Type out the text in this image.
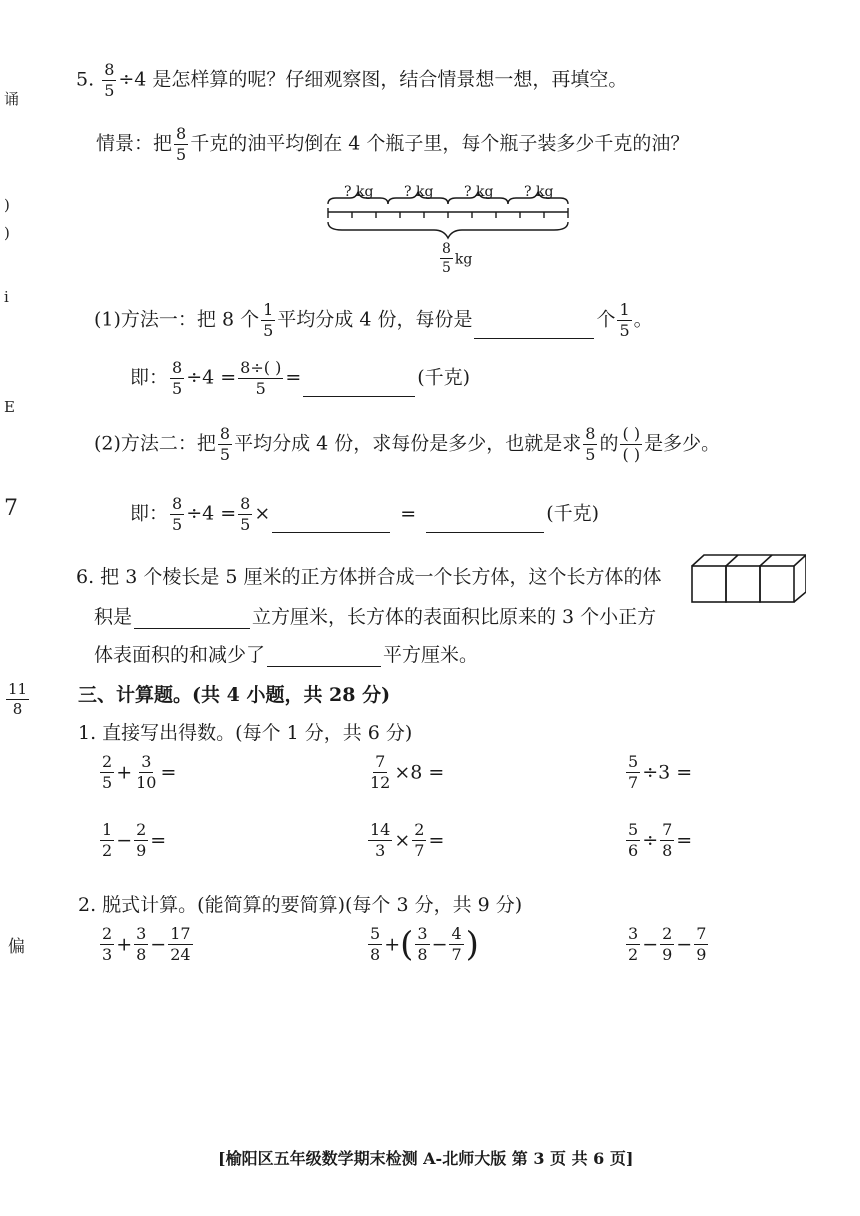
诵
)
)
i
E
7
$\frac{11}{8}$
偏
5. $\frac{8}{5} \div 4$ 是怎样算的呢？仔细观察图，结合情景想一想，再填空。
情景：把 $\frac{8}{5}$ 千克的油平均倒在 4 个瓶子里，每个瓶子装多少千克的油？
? kg ? kg ? kg ? kg
$\frac{8}{5}$ kg
(1)方法一：把 8 个 $\frac{1}{5}$ 平均分成 4 份，每份是	个 $\frac{1}{5}$ 。
即： $\frac{8}{5} \div 4 = \frac{8\div( )}{5}$ =	(千克)
(2)方法二：把 $\frac{8}{5}$ 平均分成 4 份，求每份是多少，也就是求 $\frac{8}{5}$ 的 $\frac{( )}{( )}$ 是多少。
即： $\frac{8}{5} \div 4 = \frac{8}{5}$ ×	=	(千克)
6. 把 3 个棱长是 5 厘米的正方体拼合成一个长方体，这个长方体的体
积是	立方厘米，长方体的表面积比原来的 3 个小正方
体表面积的和减少了	平方厘米。
三、计算题。(共 4 小题，共 28 分)
1. 直接写出得数。(每个 1 分，共 6 分)
$\frac{2}{5} + \frac{3}{10}$ =	$\frac{7}{12} \times 8$ =	$\frac{5}{7} \div 3$ =
$\frac{1}{2} - \frac{2}{9}$ =	$\frac{14}{3} \times \frac{2}{7}$ =	$\frac{5}{6} \div \frac{7}{8}$ =
2. 脱式计算。(能简算的要简算)(每个 3 分，共 9 分)
$\frac{2}{3} + \frac{3}{8} - \frac{17}{24}$	$\frac{5}{8}$ +( $\frac{3}{8} - \frac{4}{7}$ )	$\frac{3}{2} - \frac{2}{9} - \frac{7}{9}$
[榆阳区五年级数学期末检测 A-北师大版 第 3 页 共 6 页]
